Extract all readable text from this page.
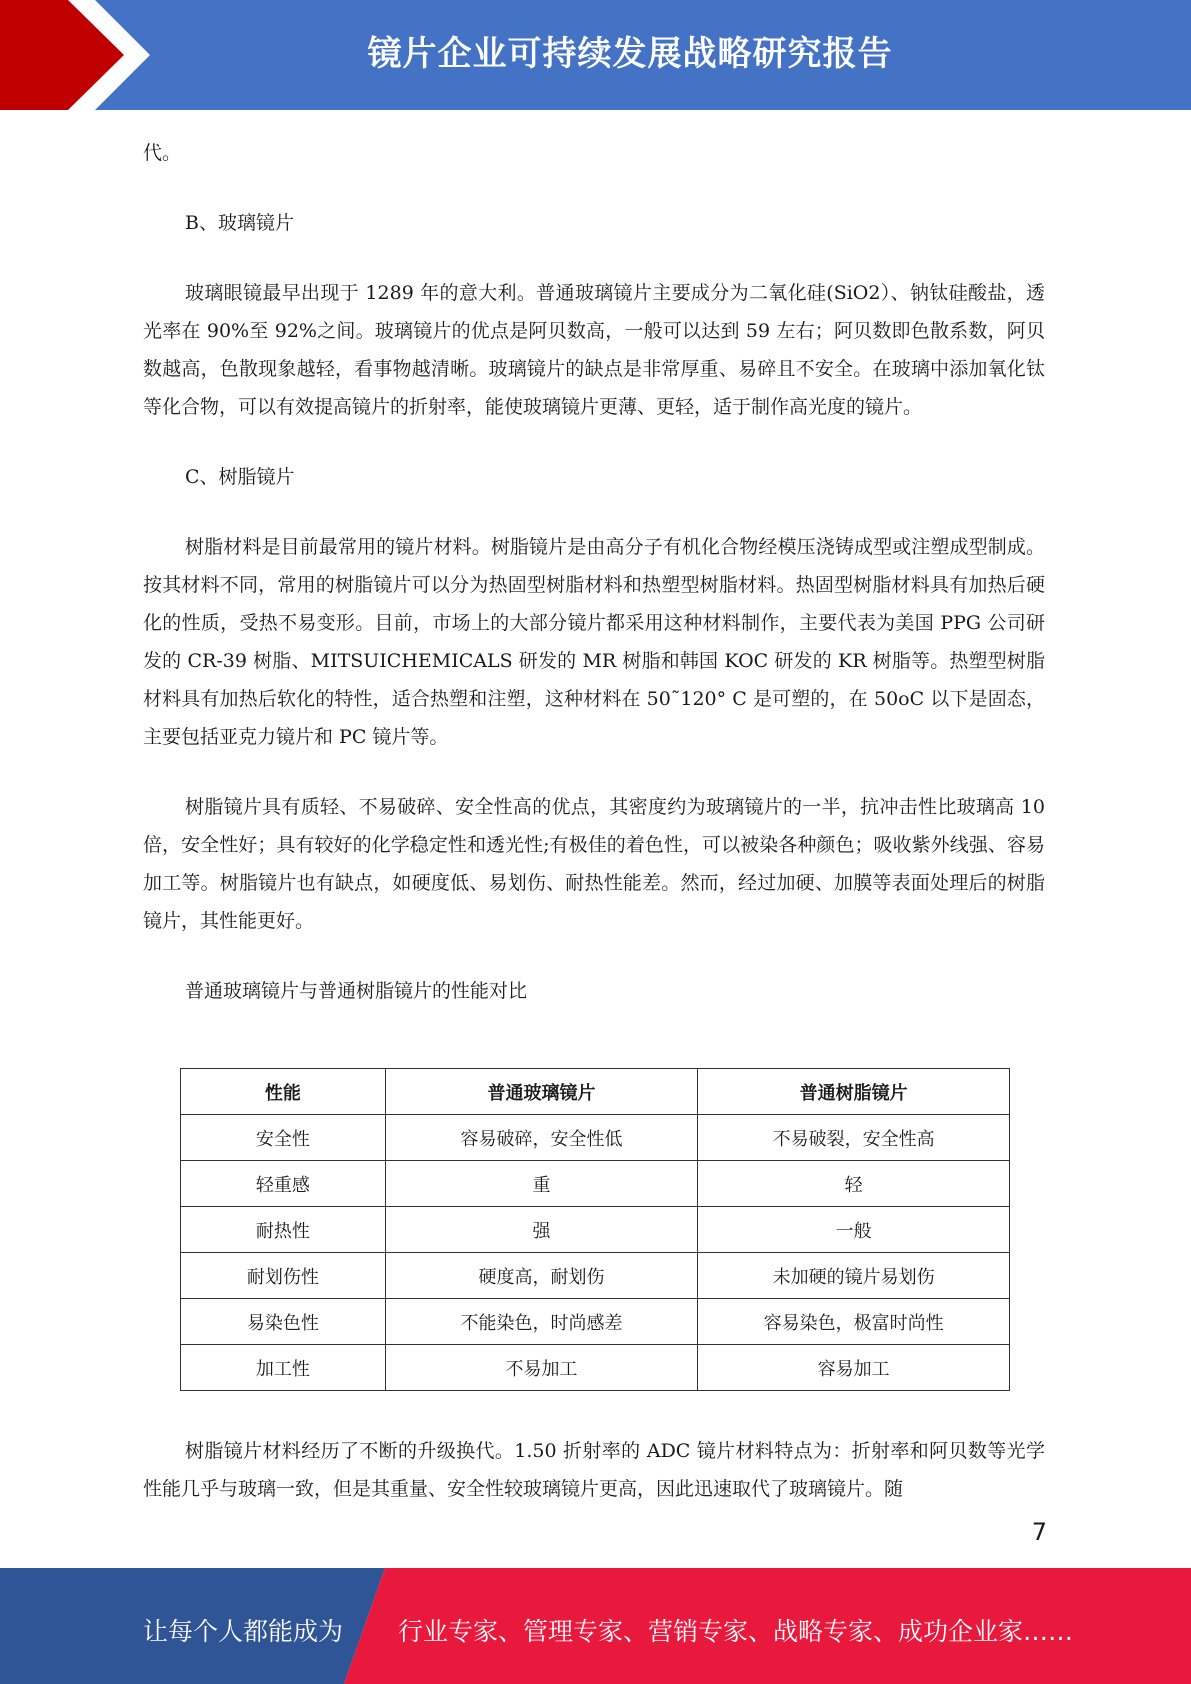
镜片企业可持续发展战略研究报告

代。

B、玻璃镜片

玻璃眼镜最早出现于 1289 年的意大利。普通玻璃镜片主要成分为二氧化硅(SiO2）、钠钛硅酸盐，透光率在 90%至 92%之间。玻璃镜片的优点是阿贝数高，一般可以达到 59 左右；阿贝数即色散系数，阿贝数越高，色散现象越轻，看事物越清晰。玻璃镜片的缺点是非常厚重、易碎且不安全。在玻璃中添加氧化钛等化合物，可以有效提高镜片的折射率，能使玻璃镜片更薄、更轻，适于制作高光度的镜片。

C、树脂镜片

树脂材料是目前最常用的镜片材料。树脂镜片是由高分子有机化合物经模压浇铸成型或注塑成型制成。按其材料不同，常用的树脂镜片可以分为热固型树脂材料和热塑型树脂材料。热固型树脂材料具有加热后硬化的性质，受热不易变形。目前，市场上的大部分镜片都采用这种材料制作，主要代表为美国 PPG 公司研发的 CR-39 树脂、MITSUICHEMICALS 研发的 MR 树脂和韩国 KOC 研发的 KR 树脂等。热塑型树脂材料具有加热后软化的特性，适合热塑和注塑，这种材料在 50˜120° C 是可塑的，在 50oC 以下是固态，主要包括亚克力镜片和 PC 镜片等。

树脂镜片具有质轻、不易破碎、安全性高的优点，其密度约为玻璃镜片的一半，抗冲击性比玻璃高 10 倍，安全性好；具有较好的化学稳定性和透光性;有极佳的着色性，可以被染各种颜色；吸收紫外线强、容易加工等。树脂镜片也有缺点，如硬度低、易划伤、耐热性能差。然而，经过加硬、加膜等表面处理后的树脂镜片，其性能更好。

普通玻璃镜片与普通树脂镜片的性能对比

性能	普通玻璃镜片	普通树脂镜片
安全性	容易破碎，安全性低	不易破裂，安全性高
轻重感	重	轻
耐热性	强	一般
耐划伤性	硬度高，耐划伤	未加硬的镜片易划伤
易染色性	不能染色，时尚感差	容易染色，极富时尚性
加工性	不易加工	容易加工

树脂镜片材料经历了不断的升级换代。1.50 折射率的 ADC 镜片材料特点为：折射率和阿贝数等光学性能几乎与玻璃一致，但是其重量、安全性较玻璃镜片更高，因此迅速取代了玻璃镜片。随

7
让每个人都能成为 行业专家、管理专家、营销专家、战略专家、成功企业家……
